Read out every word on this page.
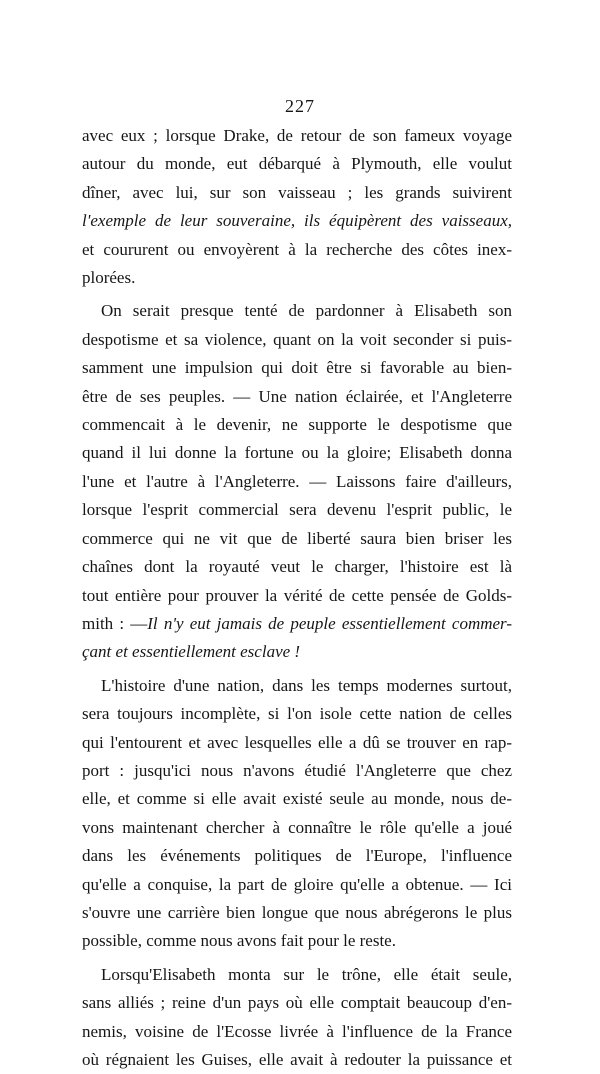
227

avec eux ; lorsque Drake, de retour de son fameux voyage
autour du monde, eut débarqué à Plymouth, elle voulut
dîner, avec lui, sur son vaisseau ; les grands suivirent
l'exemple de leur souveraine, ils équipèrent des vaisseaux,
et coururent ou envoyèrent à la recherche des côtes inex-
plorées.

On serait presque tenté de pardonner à Elisabeth son
despotisme et sa violence, quant on la voit seconder si puis-
samment une impulsion qui doit être si favorable au bien-
être de ses peuples. — Une nation éclairée, et l'Angleterre
commencait à le devenir, ne supporte le despotisme que
quand il lui donne la fortune ou la gloire; Elisabeth donna
l'une et l'autre à l'Angleterre. — Laissons faire d'ailleurs,
lorsque l'esprit commercial sera devenu l'esprit public, le
commerce qui ne vit que de liberté saura bien briser les
chaînes dont la royauté veut le charger, l'histoire est là
tout entière pour prouver la vérité de cette pensée de Golds-
mith : —Il n'y eut jamais de peuple essentiellement commer-
çant et essentiellement esclave !

L'histoire d'une nation, dans les temps modernes surtout,
sera toujours incomplète, si l'on isole cette nation de celles
qui l'entourent et avec lesquelles elle a dû se trouver en rap-
port : jusqu'ici nous n'avons étudié l'Angleterre que chez
elle, et comme si elle avait existé seule au monde, nous de-
vons maintenant chercher à connaître le rôle qu'elle a joué
dans les événements politiques de l'Europe, l'influence
qu'elle a conquise, la part de gloire qu'elle a obtenue. — Ici
s'ouvre une carrière bien longue que nous abrégerons le plus
possible, comme nous avons fait pour le reste.

Lorsqu'Elisabeth monta sur le trône, elle était seule,
sans alliés ; reine d'un pays où elle comptait beaucoup d'en-
nemis, voisine de l'Ecosse livrée à l'influence de la France
où régnaient les Guises, elle avait à redouter la puissance et
